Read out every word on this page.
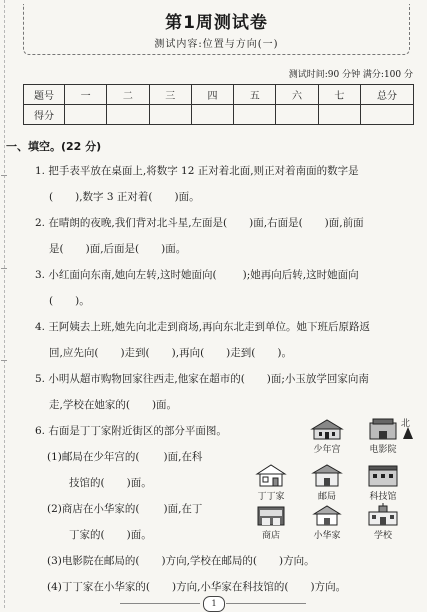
第1周测试卷
测试内容:位置与方向(一)
测试时间:90 分钟 满分:100 分
题号	一	二	三	四	五	六	七	总分
得分								
一、填空。(22 分)
1. 把手表平放在桌面上,将数字 12 正对着北面,则正对着南面的数字是
( ),数字 3 正对着( )面。
2. 在晴朗的夜晚,我们背对北斗星,左面是( )面,右面是( )面,前面
是( )面,后面是( )面。
3. 小红面向东南,她向左转,这时她面向( );她再向后转,这时她面向
( )。
4. 王阿姨去上班,她先向北走到商场,再向东北走到单位。她下班后原路返
回,应先向( )走到( ),再向( )走到( )。
5. 小明从超市购物回家往西走,他家在超市的( )面;小玉放学回家向南
走,学校在她家的( )面。
6. 右面是丁丁家附近街区的部分平面图。
(1)邮局在少年宫的( )面,在科
技馆的( )面。
(2)商店在小华家的( )面,在丁
丁家的( )面。
(3)电影院在邮局的( )方向,学校在邮局的( )方向。
(4)丁丁家在小华家的( )方向,小华家在科技馆的( )方向。
北
少年宫	电影院
丁丁家	邮局	科技馆
商店	小华家	学校
1
